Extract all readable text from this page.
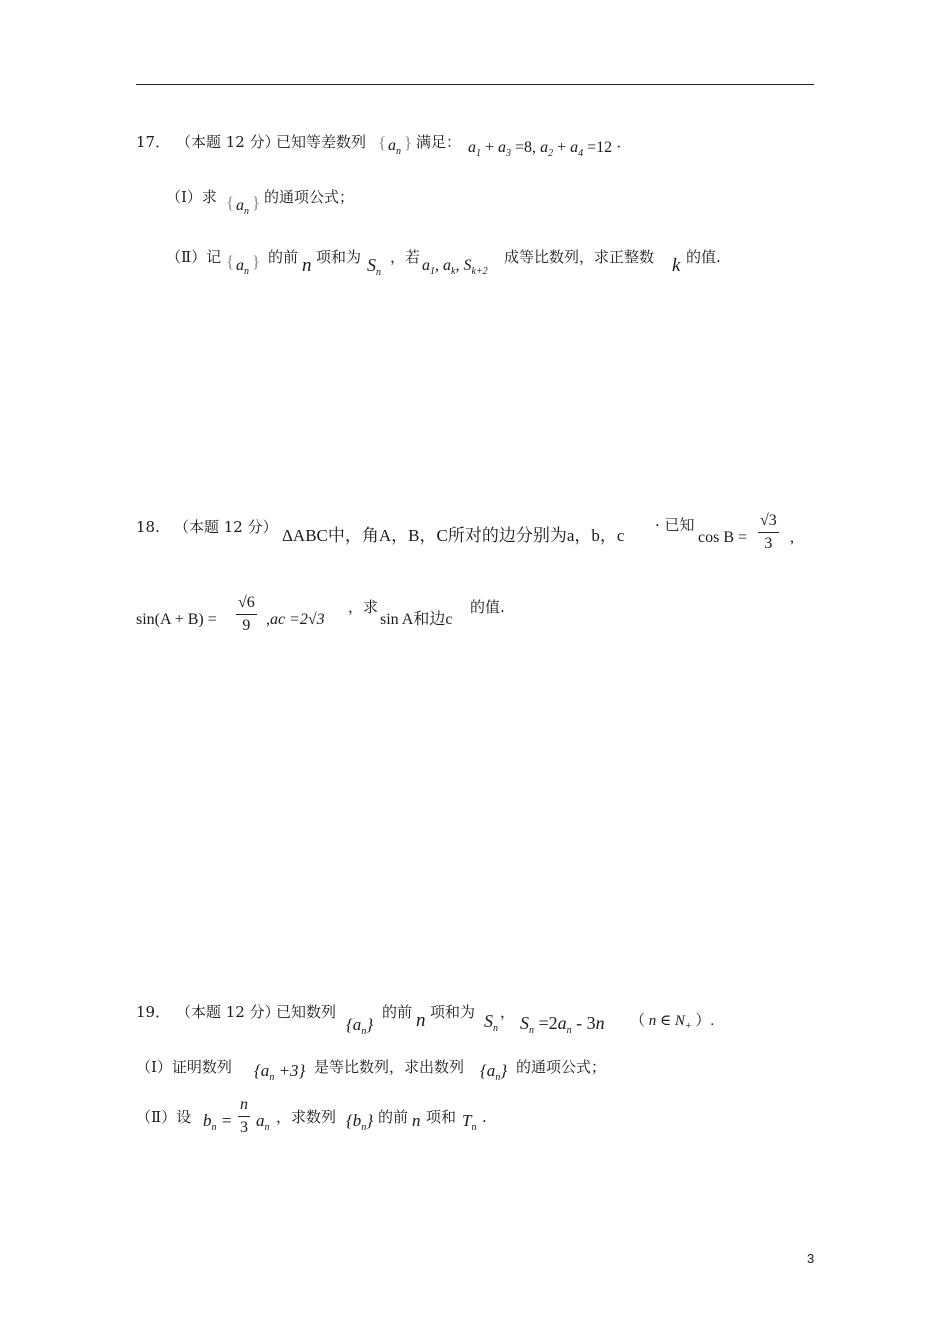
17． （本题 12 分）
已知等差数列 { $a_n$ } 满足： $a_1 + a_3 =8$, $a_2 + a_4 =12$ ·
（Ⅰ）求 { $a_n$ } 的通项公式；
（Ⅱ）记 { $a_n$
} 的前 n 项和为 $S_n$
，若 $a_1$, $a_k$, $S_{k+2}$
成等比数列，求正整数 k 的值.
18. （本题 12 分） ΔABC中，角A，B，C所对的边分别为a，b，c
· 已知
cos B =
√3
3	,
sin(A + B) =
√6
9 ,ac =2√3
，求
sin A和边c
的值.
19． （本题 12 分）
已知数列
$\{a_n\}$
的前 n 项和为 $S_n$
，
$S_n =2a_n - 3n$ （ n ∈ $N_+$ ）.
（Ⅰ）证明数列 $\{a_n +3\}$ 是等比数列，求出数列 $\{a_n\}$ 的通项公式；
（Ⅱ）设 $b_n$ =
n
3 $a_n$
，求数列 $\{b_n\}$ 的前 n 项和 $T_n$
.
3
